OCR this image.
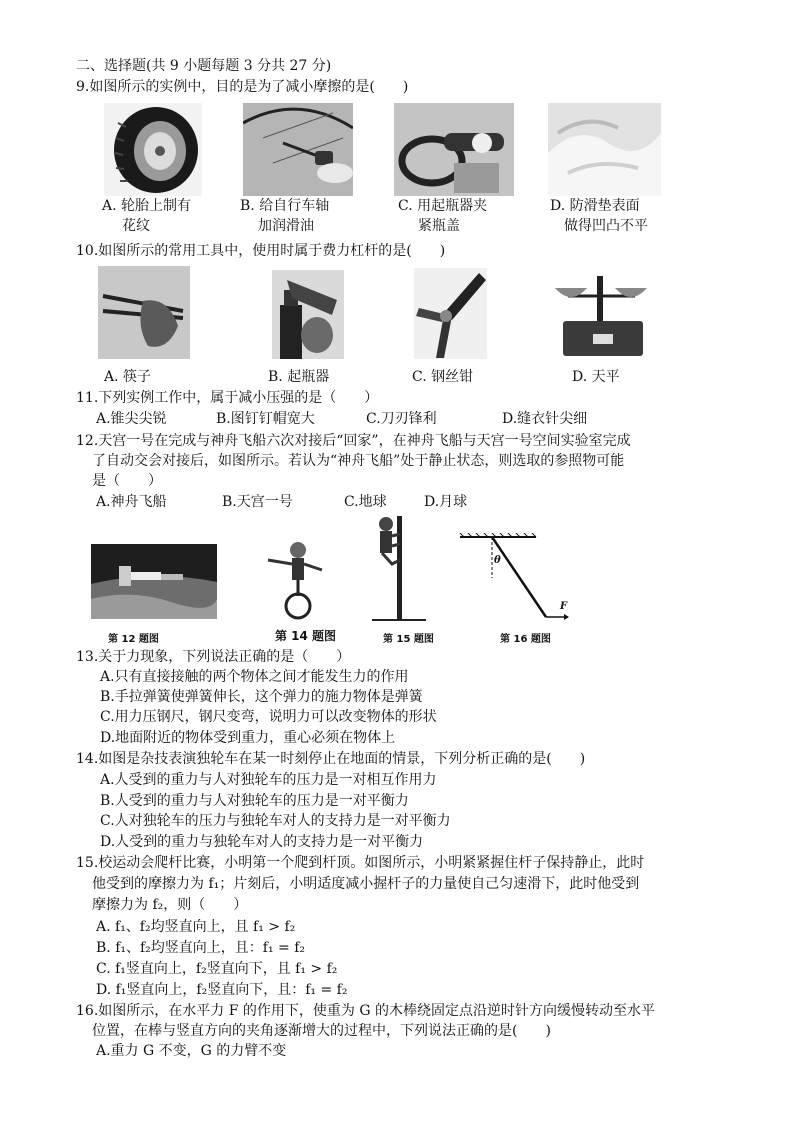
二、选择题(共 9 小题每题 3 分共 27 分)
9.如图所示的实例中，目的是为了减小摩擦的是(　　)
A. 轮胎上制有
花纹
B. 给自行车轴
加润滑油
C. 用起瓶器夹
紧瓶盖
D. 防滑垫表面
做得凹凸不平
10.如图所示的常用工具中，使用时属于费力杠杆的是(　　)
A. 筷子	B. 起瓶器	C. 钢丝钳	D. 天平
11.下列实例工作中，属于减小压强的是（　　）
A.锥尖尖锐	B.图钉钉帽宽大	C.刀刃锋利	D.缝衣针尖细
12.天宫一号在完成与神舟飞船六次对接后“回家”，在神舟飞船与天宫一号空间实验室完成
了自动交会对接后，如图所示。若认为“神舟飞船”处于静止状态，则选取的参照物可能
是（　　）
A.神舟飞船	B.天宫一号	C.地球	D.月球
第 14 题图
第 12 题图	第 15 题图
θ
F
第 16 题图
13.关于力现象，下列说法正确的是（　　）
A.只有直接接触的两个物体之间才能发生力的作用
B.手拉弹簧使弹簧伸长，这个弹力的施力物体是弹簧
C.用力压钢尺，钢尺变弯，说明力可以改变物体的形状
D.地面附近的物体受到重力，重心必须在物体上
14.如图是杂技表演独轮车在某一时刻停止在地面的情景，下列分析正确的是(　　)
A.人受到的重力与人对独轮车的压力是一对相互作用力
B.人受到的重力与人对独轮车的压力是一对平衡力
C.人对独轮车的压力与独轮车对人的支持力是一对平衡力
D.人受到的重力与独轮车对人的支持力是一对平衡力
15.校运动会爬杆比赛，小明第一个爬到杆顶。如图所示，小明紧紧握住杆子保持静止，此时
他受到的摩擦力为 f₁；片刻后，小明适度减小握杆子的力量使自己匀速滑下，此时他受到
摩擦力为 f₂，则（　　）
A. f₁、f₂均竖直向上，且 f₁ > f₂
B. f₁、f₂均竖直向上，且：f₁ = f₂
C. f₁竖直向上，f₂竖直向下，且 f₁ > f₂
D. f₁竖直向上，f₂竖直向下，且：f₁ = f₂
16.如图所示，在水平力 F 的作用下，使重为 G 的木棒绕固定点沿逆时针方向缓慢转动至水平
位置，在棒与竖直方向的夹角逐渐增大的过程中，下列说法正确的是(　　)
A.重力 G 不变，G 的力臂不变
